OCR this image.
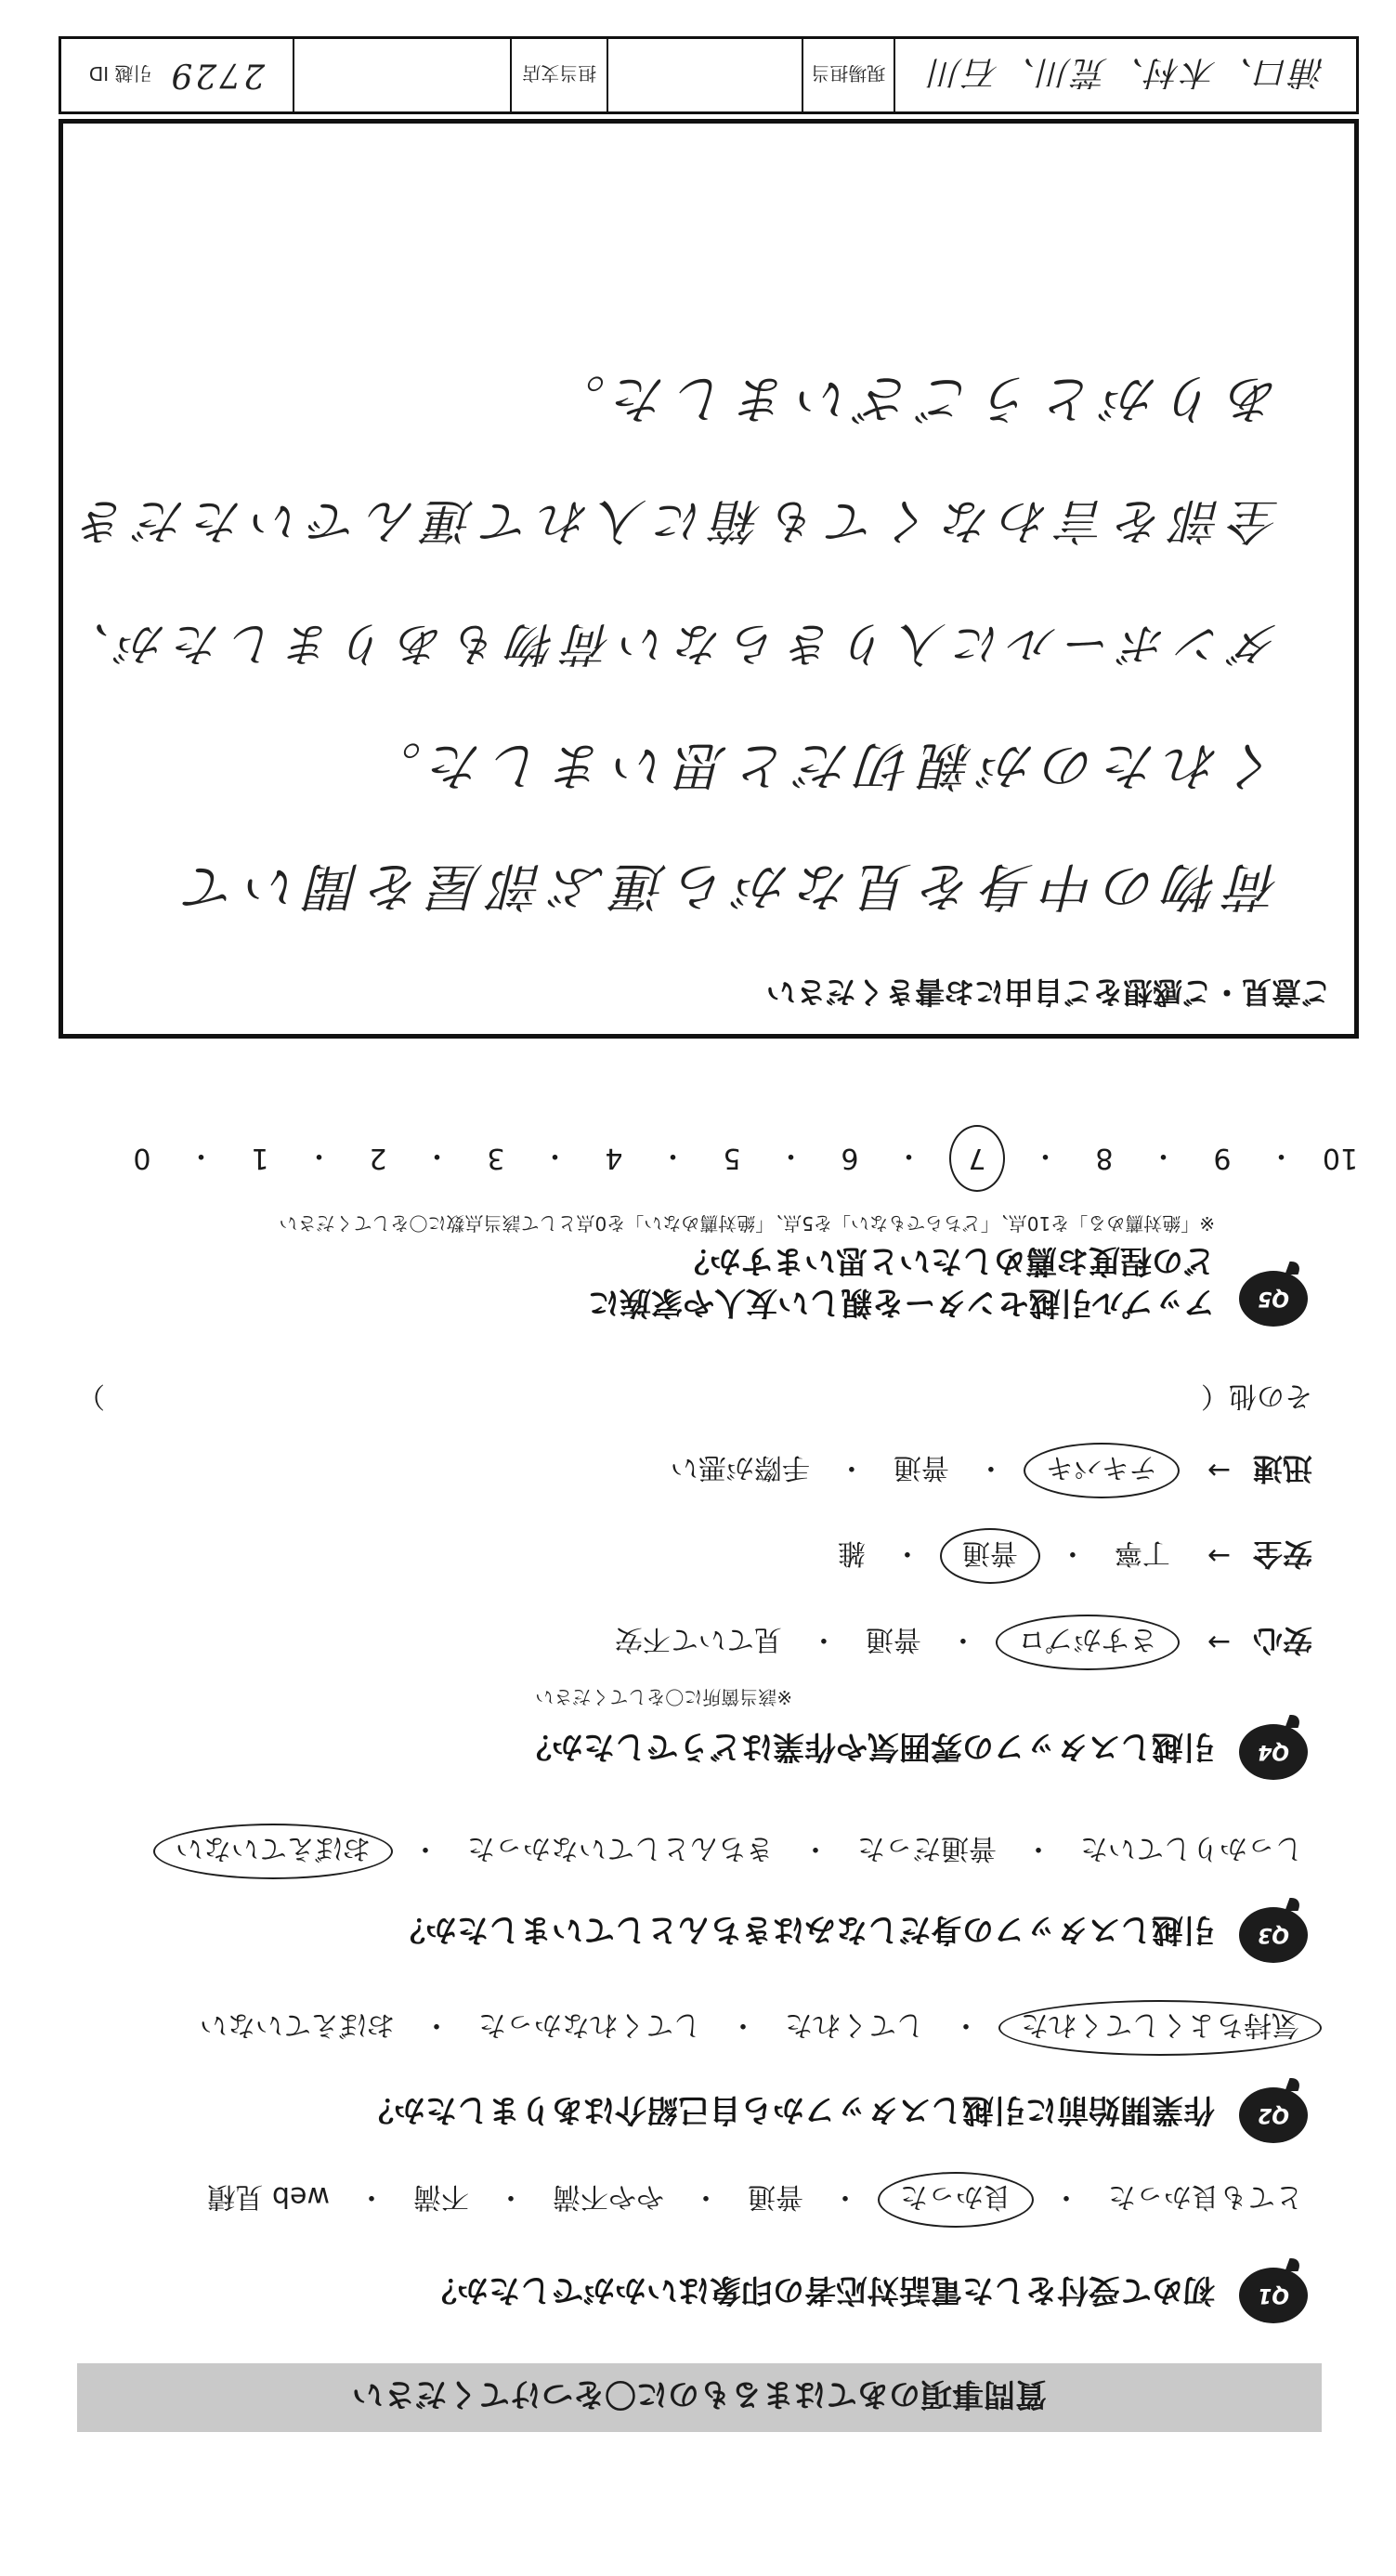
質問事項のあてはまるものに〇をつけてください
Q1
初めて受付をした電話対応者の印象はいかがでしたか？
とても良かった
・
良かった
・
普通
・
やや不満
・
不満
・
web 見積
Q2
作業開始前に引越しスタッフから自己紹介はありましたか？
気持ちよくしてくれた
・
してくれた
・
してくれなかった
・
おぼえていない
Q3
引越しスタッフの身だしなみはきちんとしていましたか？
しっかりしていた
・
普通だった
・
きちんとしていなかった
・
おぼえていない
Q4
引越しスタッフの雰囲気や作業はどうでしたか？
※該当箇所に〇をしてください
安心
→
さすがプロ
・
普通
・
見ていて不安
安全
→
丁寧
・
普通
・
雑
迅速
→
テキパキ
・
普通
・
手際が悪い
その他（
）
Q5
アップル引越センターを親しい友人や家族に
どの程度お薦めしたいと思いますか？
※「絶対薦める」を10点、「どちらでもない」を5点、「絶対薦めない」を0点として該当点数に〇をしてください
10
・
9
・
8
・
7
・
6
・
5
・
4
・
3
・
2
・
1
・
0
ご意見・ご感想をご自由にお書きください
荷物の中身を見ながら運ぶ部屋を聞いて
くれたのが親切だと思いました。
ダンボールに入りきらない荷物もありましたが、
全部を言わなくても箱に入れて運んでいただき
ありがとうございました。
浦口、木村、荒川、石川
現場担当
担当支店
2729
引越 ID
